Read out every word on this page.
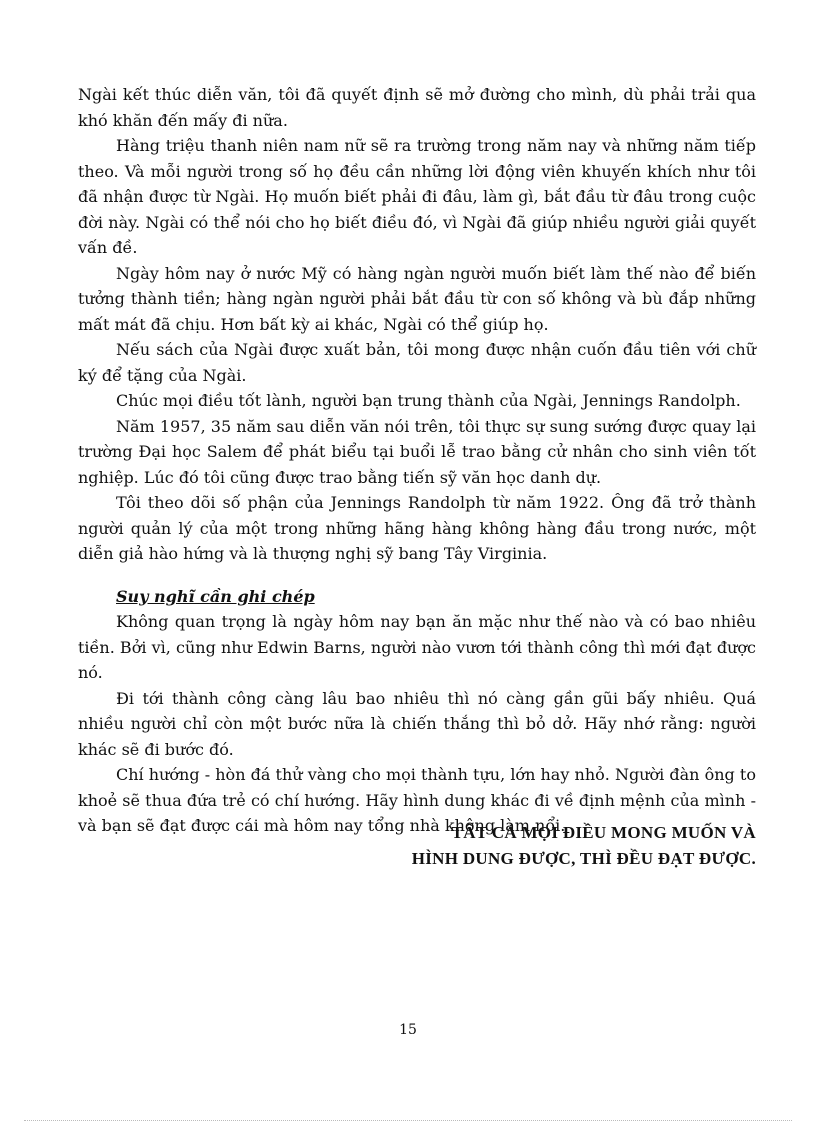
Ngài kết thúc diễn văn, tôi đã quyết định sẽ mở đường cho mình, dù phải trải qua khó khăn đến mấy đi nữa.

Hàng triệu thanh niên nam nữ sẽ ra trường trong năm nay và những năm tiếp theo. Và mỗi người trong số họ đều cần những lời động viên khuyến khích như tôi đã nhận được từ Ngài. Họ muốn biết phải đi đâu, làm gì, bắt đầu từ đâu trong cuộc đời này. Ngài có thể nói cho họ biết điều đó, vì Ngài đã giúp nhiều người giải quyết vấn đề.

Ngày hôm nay ở nước Mỹ có hàng ngàn người muốn biết làm thế nào để biến tưởng thành tiền; hàng ngàn người phải bắt đầu từ con số không và bù đắp những mất mát đã chịu. Hơn bất kỳ ai khác, Ngài có thể giúp họ.

Nếu sách của Ngài được xuất bản, tôi mong được nhận cuốn đầu tiên với chữ ký để tặng của Ngài.

Chúc mọi điều tốt lành, người bạn trung thành của Ngài, Jennings Randolph.

Năm 1957, 35 năm sau diễn văn nói trên, tôi thực sự sung sướng được quay lại trường Đại học Salem để phát biểu tại buổi lễ trao bằng cử nhân cho sinh viên tốt nghiệp. Lúc đó tôi cũng được trao bằng tiến sỹ văn học danh dự.

Tôi theo dõi số phận của Jennings Randolph từ năm 1922. Ông đã trở thành người quản lý của một trong những hãng hàng không hàng đầu trong nước, một diễn giả hào hứng và là thượng nghị sỹ bang Tây Virginia.

Suy nghĩ cần ghi chép

Không quan trọng là ngày hôm nay bạn ăn mặc như thế nào và có bao nhiêu tiền. Bởi vì, cũng như Edwin Barns, người nào vươn tới thành công thì mới đạt được nó.

Đi tới thành công càng lâu bao nhiêu thì nó càng gần gũi bấy nhiêu. Quá nhiều người chỉ còn một bước nữa là chiến thắng thì bỏ dở. Hãy nhớ rằng: người khác sẽ đi bước đó.

Chí hướng - hòn đá thử vàng cho mọi thành tựu, lớn hay nhỏ. Người đàn ông to khoẻ sẽ thua đứa trẻ có chí hướng. Hãy hình dung khác đi về định mệnh của mình - và bạn sẽ đạt được cái mà hôm nay tổng nhà không làm nổi.

TẤT CẢ MỌI ĐIỀU MONG MUỐN VÀ
HÌNH DUNG ĐƯỢC, THÌ ĐỀU ĐẠT ĐƯỢC.
15
